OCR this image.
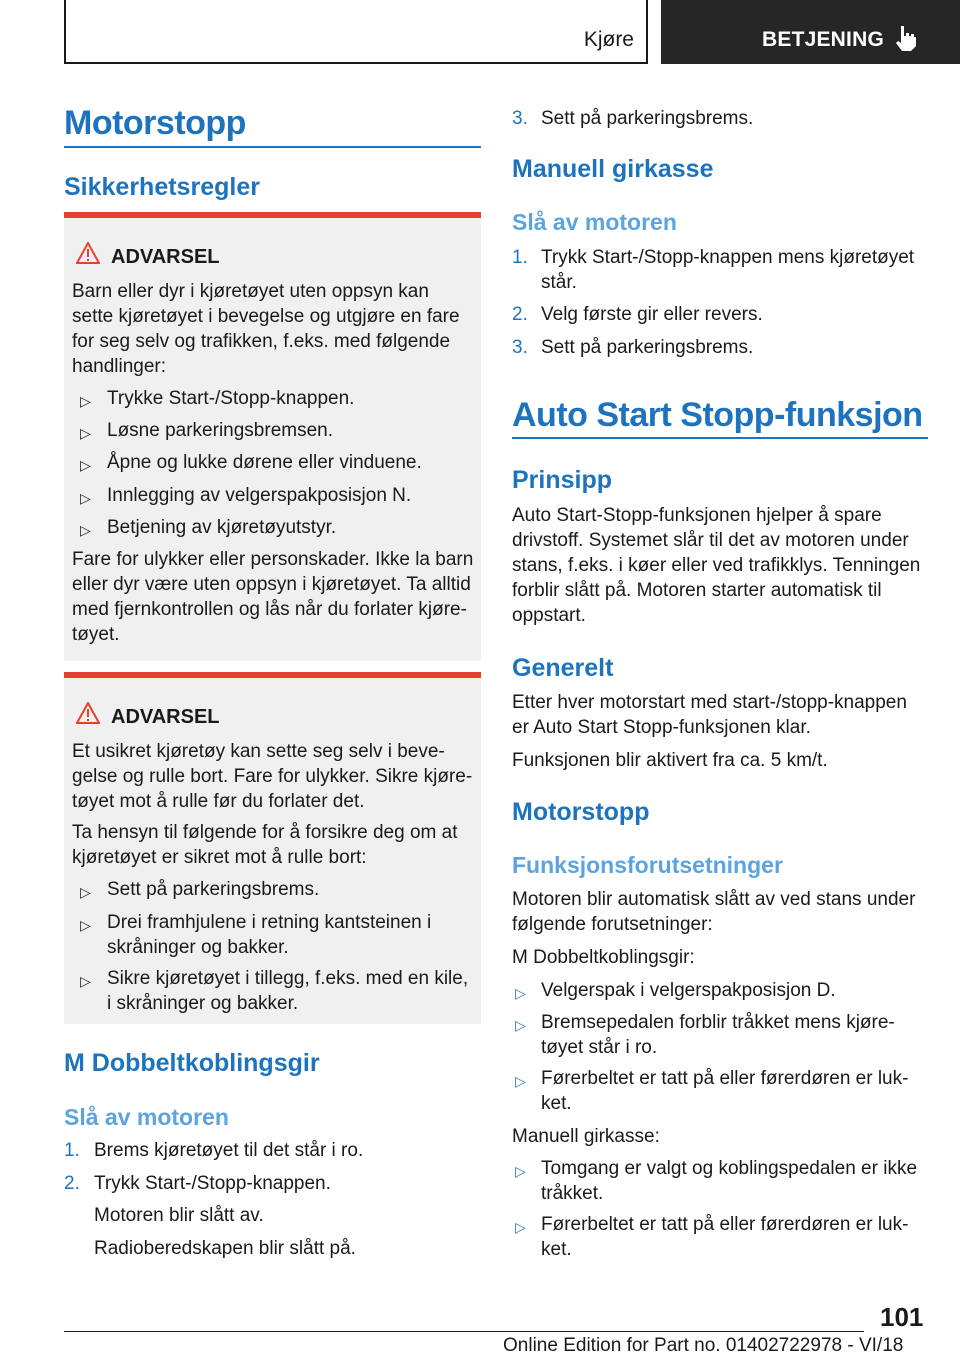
Kjøre	BETJENING
Motorstopp
Sikkerhetsregler
ADVARSEL
Barn eller dyr i kjøretøyet uten oppsyn kan
sette kjøretøyet i bevegelse og utgjøre en fare
for seg selv og trafikken, f.eks. med følgende
handlinger:
▷ Trykke Start-/Stopp-knappen.
▷ Løsne parkeringsbremsen.
▷ Åpne og lukke dørene eller vinduene.
▷ Innlegging av velgerspakposisjon N.
▷ Betjening av kjøretøyutstyr.
Fare for ulykker eller personskader. Ikke la barn
eller dyr være uten oppsyn i kjøretøyet. Ta alltid
med fjernkontrollen og lås når du forlater kjøre‐
tøyet.
ADVARSEL
Et usikret kjøretøy kan sette seg selv i beve‐
gelse og rulle bort. Fare for ulykker. Sikre kjøre‐
tøyet mot å rulle før du forlater det.
Ta hensyn til følgende for å forsikre deg om at
kjøretøyet er sikret mot å rulle bort:
▷ Sett på parkeringsbrems.
▷ Drei framhjulene i retning kantsteinen i
skråninger og bakker.
▷ Sikre kjøretøyet i tillegg, f.eks. med en kile,
i skråninger og bakker.
M Dobbeltkoblingsgir
Slå av motoren
1. Brems kjøretøyet til det står i ro.
2. Trykk Start-/Stopp-knappen.
Motoren blir slått av.
Radioberedskapen blir slått på.
3. Sett på parkeringsbrems.
Manuell girkasse
Slå av motoren
1. Trykk Start-/Stopp-knappen mens kjøretøyet
står.
2. Velg første gir eller revers.
3. Sett på parkeringsbrems.
Auto Start Stopp-funksjon
Prinsipp
Auto Start-Stopp-funksjonen hjelper å spare
drivstoff. Systemet slår til det av motoren under
stans, f.eks. i køer eller ved trafikklys. Tenningen
forblir slått på. Motoren starter automatisk til
oppstart.
Generelt
Etter hver motorstart med start-/stopp-knappen
er Auto Start Stopp-funksjonen klar.
Funksjonen blir aktivert fra ca. 5 km/t.
Motorstopp
Funksjonsforutsetninger
Motoren blir automatisk slått av ved stans under
følgende forutsetninger:
M Dobbeltkoblingsgir:
▷ Velgerspak i velgerspakposisjon D.
▷ Bremsepedalen forblir tråkket mens kjøre‐
tøyet står i ro.
▷ Førerbeltet er tatt på eller førerdøren er luk‐
ket.
Manuell girkasse:
▷ Tomgang er valgt og koblingspedalen er ikke
tråkket.
▷ Førerbeltet er tatt på eller førerdøren er luk‐
ket.
101
Online Edition for Part no. 01402722978 - VI/18
